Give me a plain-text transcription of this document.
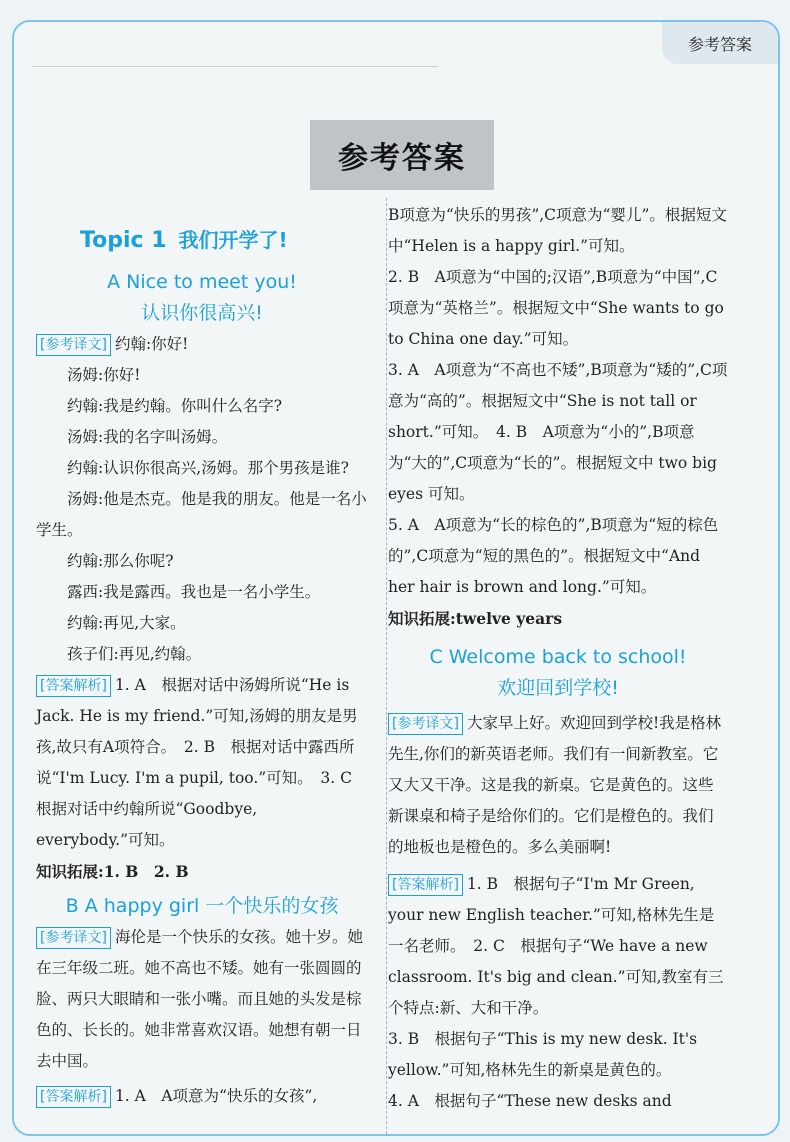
参考答案
参考答案
Topic 1 我们开学了!

A Nice to meet you!

认识你很高兴!

[参考译文] 约翰:你好!

汤姆:你好!

约翰:我是约翰。你叫什么名字?

汤姆:我的名字叫汤姆。

约翰:认识你很高兴,汤姆。那个男孩是谁?

汤姆:他是杰克。他是我的朋友。他是一名小学生。

约翰:那么你呢?

露西:我是露西。我也是一名小学生。

约翰:再见,大家。

孩子们:再见,约翰。

[答案解析] 1. A　根据对话中汤姆所说“He is Jack. He is my friend.”可知,汤姆的朋友是男孩,故只有A项符合。　2. B　根据对话中露西所说“I'm Lucy. I'm a pupil, too.”可知。　3. C　根据对话中约翰所说“Goodbye, everybody.”可知。

知识拓展:1. B　2. B

B A happy girl 一个快乐的女孩

[参考译文] 海伦是一个快乐的女孩。她十岁。她在三年级二班。她不高也不矮。她有一张圆圆的脸、两只大眼睛和一张小嘴。而且她的头发是棕色的、长长的。她非常喜欢汉语。她想有朝一日去中国。

[答案解析] 1. A　A项意为“快乐的女孩”,

B项意为“快乐的男孩”,C项意为“婴儿”。根据短文中“Helen is a happy girl.”可知。

2. B　A项意为“中国的;汉语”,B项意为“中国”,C项意为“英格兰”。根据短文中“She wants to go to China one day.”可知。

3. A　A项意为“不高也不矮”,B项意为“矮的”,C项意为“高的”。根据短文中“She is not tall or short.”可知。　4. B　A项意为“小的”,B项意为“大的”,C项意为“长的”。根据短文中 two big eyes 可知。

5. A　A项意为“长的棕色的”,B项意为“短的棕色的”,C项意为“短的黑色的”。根据短文中“And her hair is brown and long.”可知。

知识拓展:twelve years

C Welcome back to school!

欢迎回到学校!

[参考译文] 大家早上好。欢迎回到学校!我是格林先生,你们的新英语老师。我们有一间新教室。它又大又干净。这是我的新桌。它是黄色的。这些新课桌和椅子是给你们的。它们是橙色的。我们的地板也是橙色的。多么美丽啊!

[答案解析] 1. B　根据句子“I'm Mr Green, your new English teacher.”可知,格林先生是一名老师。　2. C　根据句子“We have a new classroom. It's big and clean.”可知,教室有三个特点:新、大和干净。

3. B　根据句子“This is my new desk. It's yellow.”可知,格林先生的新桌是黄色的。

4. A　根据句子“These new desks and
